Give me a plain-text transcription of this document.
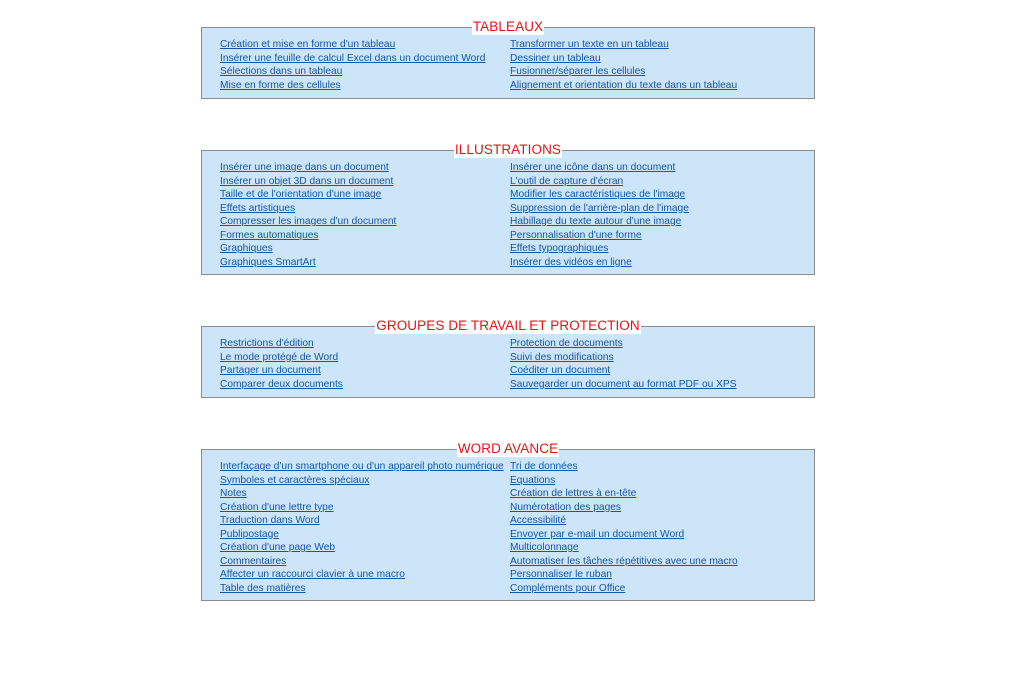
TABLEAUX
Création et mise en forme d'un tableau
Insérer une feuille de calcul Excel dans un document Word
Sélections dans un tableau
Mise en forme des cellules
Transformer un texte en un tableau
Dessiner un tableau
Fusionner/séparer les cellules
Alignement et orientation du texte dans un tableau
ILLUSTRATIONS
Insérer une image dans un document
Insérer un objet 3D dans un document
Taille et de l'orientation d'une image
Effets artistiques
Compresser les images d'un document
Formes automatiques
Graphiques
Graphiques SmartArt
Insérer une icône dans un document
L'outil de capture d'écran
Modifier les caractéristiques de l'image
Suppression de l'arrière-plan de l'image
Habillage du texte autour d'une image
Personnalisation d'une forme
Effets typographiques
Insérer des vidéos en ligne
GROUPES DE TRAVAIL ET PROTECTION
Restrictions d'édition
Le mode protégé de Word
Partager un document
Comparer deux documents
Protection de documents
Suivi des modifications
Coéditer un document
Sauvegarder un document au format PDF ou XPS
WORD AVANCE
Interfaçage d'un smartphone ou d'un appareil photo numérique
Symboles et caractères spéciaux
Notes
Création d'une lettre type
Traduction dans Word
Publipostage
Création d'une page Web
Commentaires
Affecter un raccourci clavier à une macro
Table des matières
Tri de données
Equations
Création de lettres à en-tête
Numérotation des pages
Accessibilité
Envoyer par e-mail un document Word
Multicolonnage
Automatiser les tâches répétitives avec une macro
Personnaliser le ruban
Compléments pour Office
